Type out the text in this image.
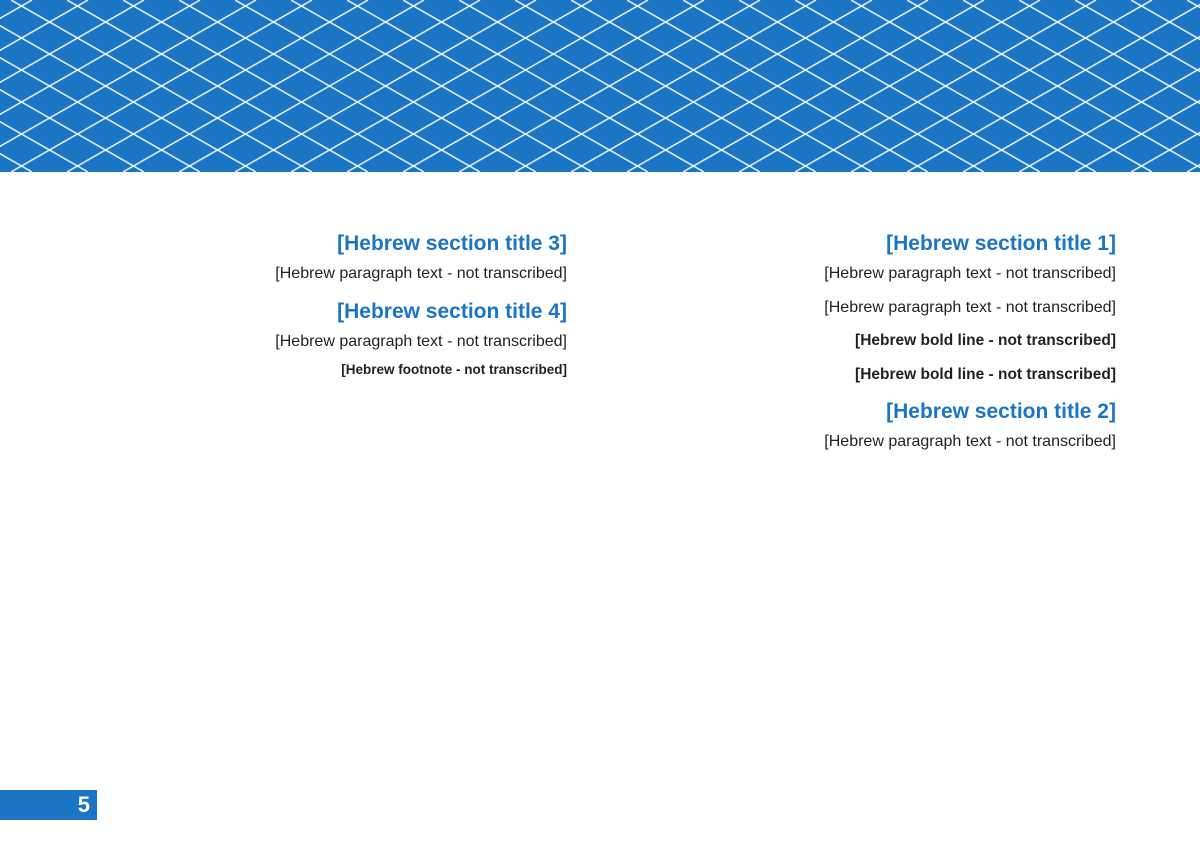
[Hebrew section title 1]

[Hebrew paragraph text - not transcribed]

[Hebrew paragraph text - not transcribed]

[Hebrew bold line - not transcribed]

[Hebrew bold line - not transcribed]

[Hebrew section title 2]

[Hebrew paragraph text - not transcribed]

[Hebrew section title 3]

[Hebrew paragraph text - not transcribed]

[Hebrew section title 4]

[Hebrew paragraph text - not transcribed]

[Hebrew footnote - not transcribed]

5
